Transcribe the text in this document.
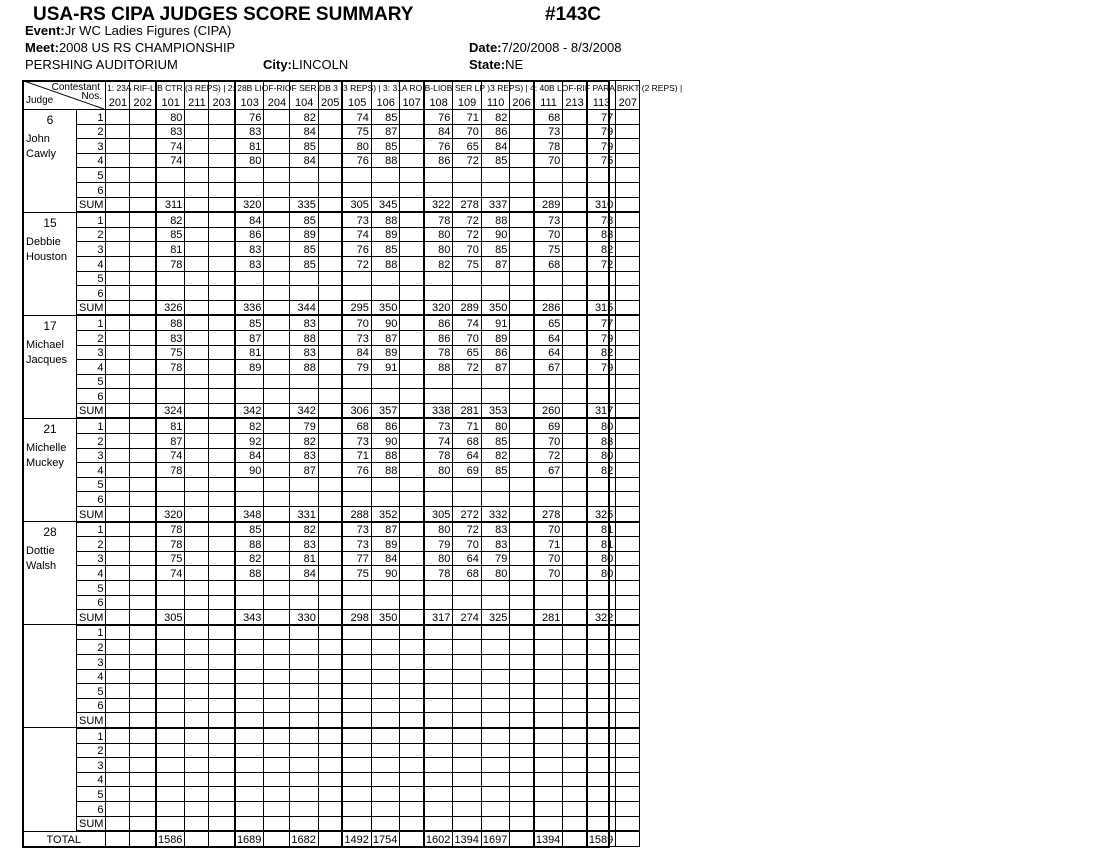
USA-RS CIPA JUDGES SCORE SUMMARY	#143C
Event:Jr WC Ladies Figures (CIPA)
Meet:2008 US RS CHAMPIONSHIP	Date:7/20/2008 - 8/3/2008
PERSHING AUDITORIUM	City:LINCOLN	State:NE
Contestant
Nos.
Judge		201	202	101	211	203	103	204	104	205	105	106	107	108	109	110	206	111	213	113	207

6
John
Cawly	1			80			76		82		74	85		76	71	82		68		77	
	2			83			83		84		75	87		84	70	86		73		79	
	3			74			81		85		80	85		76	65	84		78		79	
	4			74			80		84		76	88		86	72	85		70		75	
	5																				
	6																				
	SUM			311			320		335		305	345		322	278	337		289		310	

15
Debbie
Houston	1			82			84		85		73	88		78	72	88		73		78	
	2			85			86		89		74	89		80	72	90		70		83	
	3			81			83		85		76	85		80	70	85		75		82	
	4			78			83		85		72	88		82	75	87		68		72	
	5																				
	6																				
	SUM			326			336		344		295	350		320	289	350		286		315	

17
Michael
Jacques	1			88			85		83		70	90		86	74	91		65		77	
	2			83			87		88		73	87		86	70	89		64		79	
	3			75			81		83		84	89		78	65	86		64		82	
	4			78			89		88		79	91		88	72	87		67		79	
	5																				
	6																				
	SUM			324			342		342		306	357		338	281	353		260		317	

21
Michelle
Muckey	1			81			82		79		68	86		73	71	80		69		80	
	2			87			92		82		73	90		74	68	85		70		83	
	3			74			84		83		71	88		78	64	82		72		80	
	4			78			90		87		76	88		80	69	85		67		82	
	5																				
	6																				
	SUM			320			348		331		288	352		305	272	332		278		325	

28
Dottie
Walsh	1			78			85		82		73	87		80	72	83		70		81	
	2			78			88		83		73	89		79	70	83		71		81	
	3			75			82		81		77	84		80	64	79		70		80	
	4			74			88		84		75	90		78	68	80		70		80	
	5																				
	6																				
	SUM			305			343		330		298	350		317	274	325		281		322	

	1																				
	2																				
	3																				
	4																				
	5																				
	6																				
	SUM																				

	1																				
	2																				
	3																				
	4																				
	5																				
	6																				
	SUM																				
TOTAL				1586			1689		1682		1492	1754		1602	1394	1697		1394		1589	
1: 23A RIF-LIB CTR (3 REPS) | 2: 28B LIOF-RIOF SER DB 3 (3 REPS) | 3: 31A ROIB-LIOB SER LP )3 REPS) | 4: 40B LOF-RIF PARA BRKT (2 REPS) |
